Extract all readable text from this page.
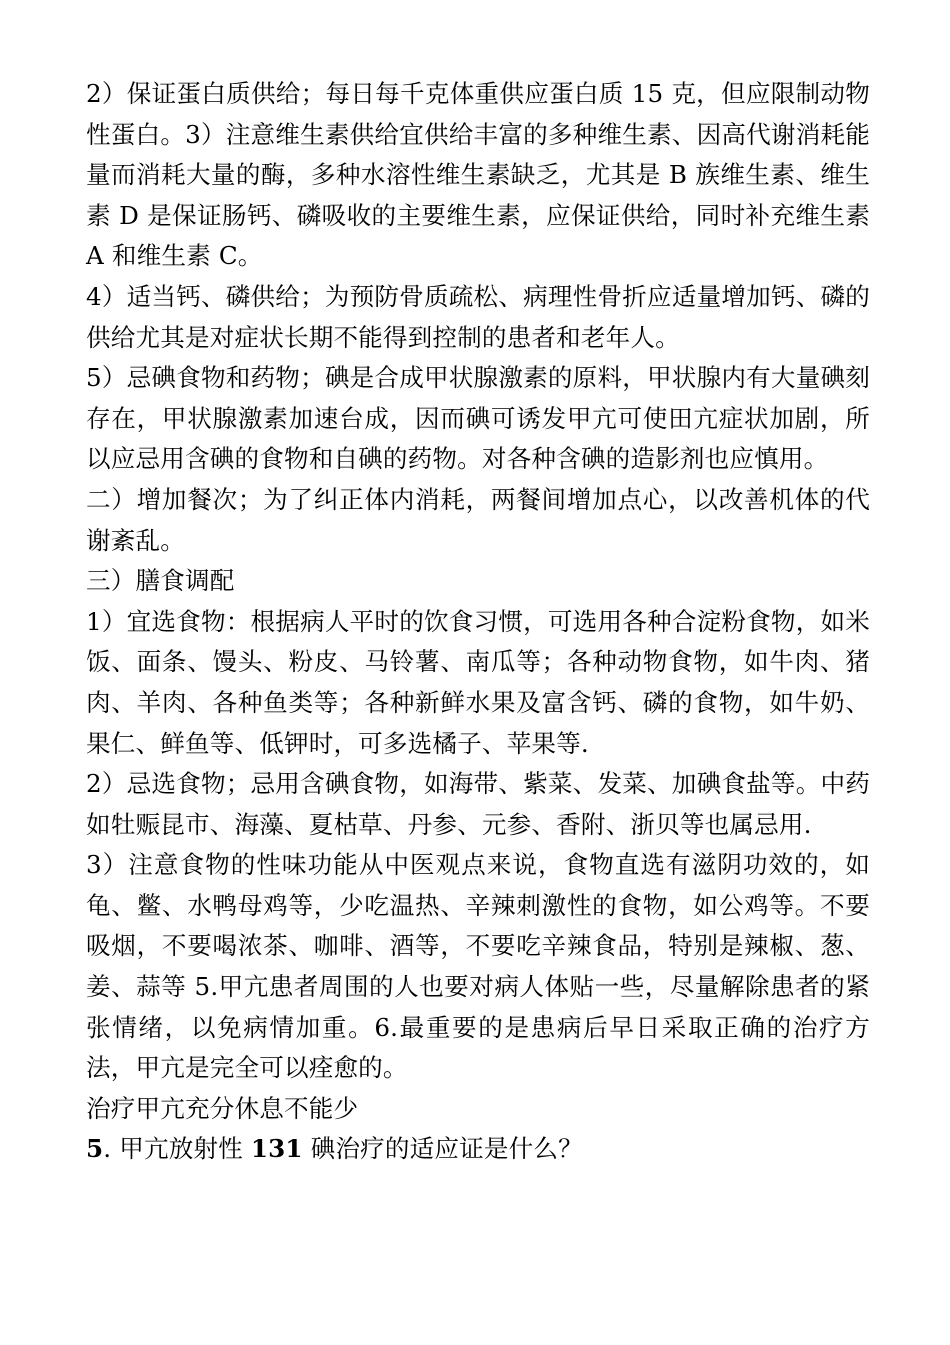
2）保证蛋白质供给；每日每千克体重供应蛋白质 15 克，但应限制动物性蛋白。3）注意维生素供给宜供给丰富的多种维生素、因高代谢消耗能量而消耗大量的酶，多种水溶性维生素缺乏，尤其是 B 族维生素、维生素 D 是保证肠钙、磷吸收的主要维生素，应保证供给，同时补充维生素 A 和维生素 C。

4）适当钙、磷供给；为预防骨质疏松、病理性骨折应适量增加钙、磷的供给尤其是对症状长期不能得到控制的患者和老年人。

5）忌碘食物和药物；碘是合成甲状腺激素的原料，甲状腺内有大量碘刻存在，甲状腺激素加速台成，因而碘可诱发甲亢可使田亢症状加剧，所以应忌用含碘的食物和自碘的药物。对各种含碘的造影剂也应慎用。

二）增加餐次；为了纠正体内消耗，两餐间增加点心，以改善机体的代谢紊乱。

三）膳食调配

1）宜选食物：根据病人平时的饮食习惯，可选用各种合淀粉食物，如米饭、面条、馒头、粉皮、马铃薯、南瓜等；各种动物食物，如牛肉、猪肉、羊肉、各种鱼类等；各种新鲜水果及富含钙、磷的食物，如牛奶、果仁、鲜鱼等、低钾时，可多选橘子、苹果等.

2）忌选食物；忌用含碘食物，如海带、紫菜、发菜、加碘食盐等。中药如牡赈昆市、海藻、夏枯草、丹参、元参、香附、浙贝等也属忌用.

3）注意食物的性味功能从中医观点来说，食物直选有滋阴功效的，如龟、鳖、水鸭母鸡等，少吃温热、辛辣刺激性的食物，如公鸡等。不要吸烟，不要喝浓茶、咖啡、酒等，不要吃辛辣食品，特别是辣椒、葱、姜、蒜等 5.甲亢患者周围的人也要对病人体贴一些，尽量解除患者的紧张情绪，以免病情加重。6.最重要的是患病后早日采取正确的治疗方法，甲亢是完全可以痊愈的。

治疗甲亢充分休息不能少

5. 甲亢放射性 131 碘治疗的适应证是什么？
